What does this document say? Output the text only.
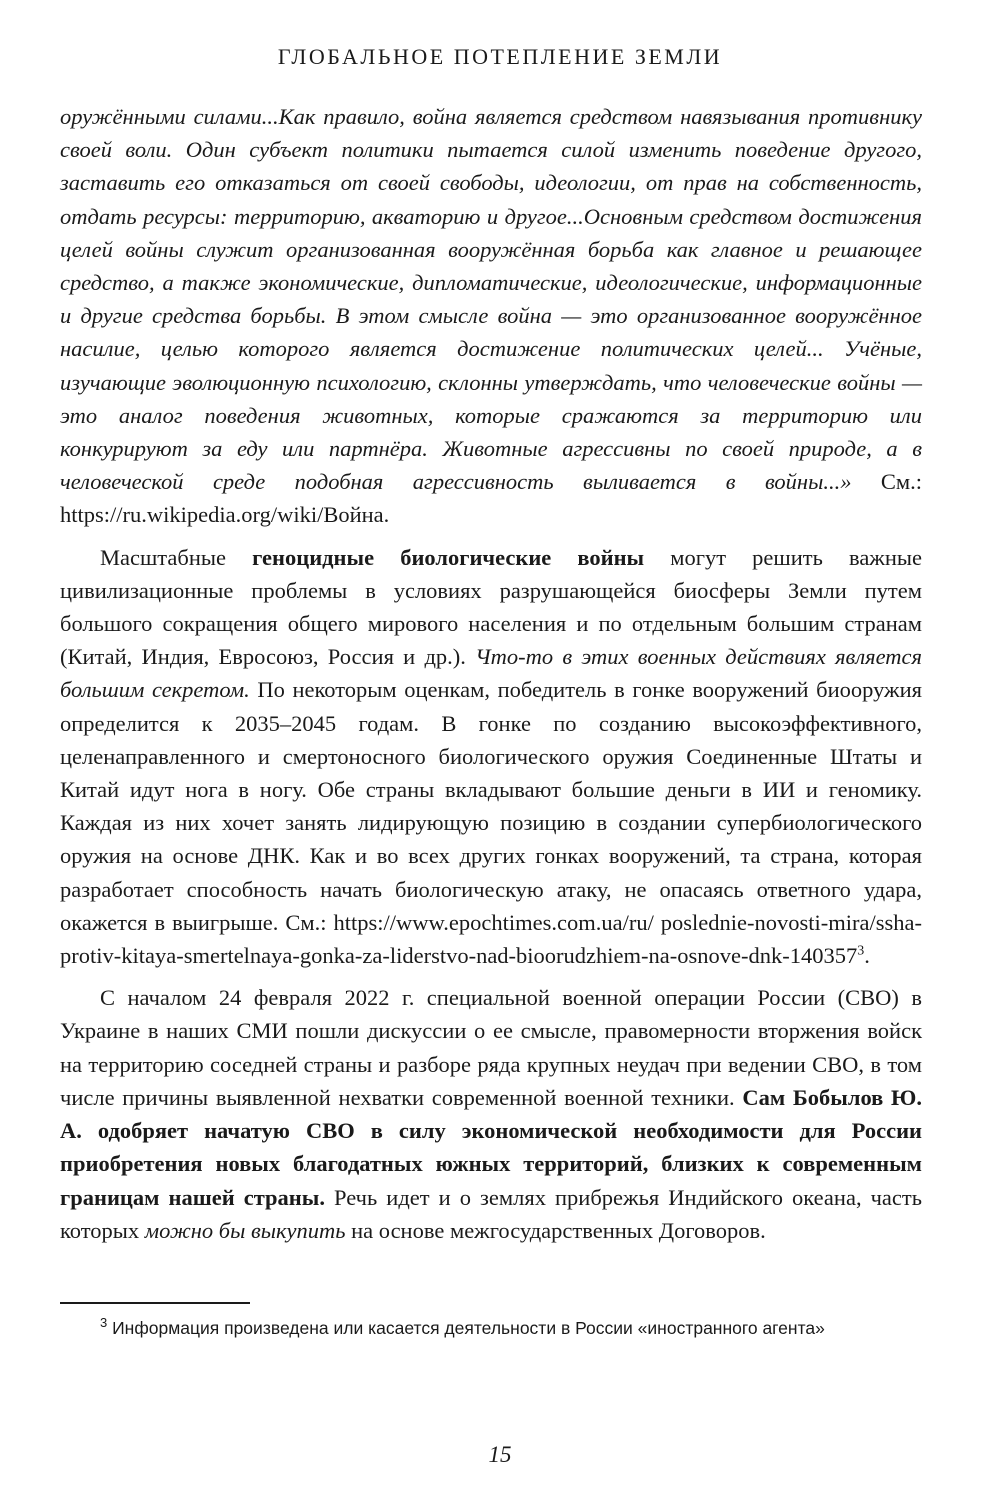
ГЛОБАЛЬНОЕ ПОТЕПЛЕНИЕ ЗЕМЛИ

оружёнными силами...Как правило, война является средством навязывания противнику своей воли. Один субъект политики пытается силой изменить поведение другого, заставить его отказаться от своей свободы, идеологии, от прав на собственность, отдать ресурсы: территорию, акваторию и другое...Основным средством достижения целей войны служит организованная вооружённая борьба как главное и решающее средство, а также экономические, дипломатические, идеологические, информационные и другие средства борьбы. В этом смысле война — это организованное вооружённое насилие, целью которого является достижение политических целей... Учёные, изучающие эволюционную психологию, склонны утверждать, что человеческие войны — это аналог поведения животных, которые сражаются за территорию или конкурируют за еду или партнёра. Животные агрессивны по своей природе, а в человеческой среде подобная агрессивность выливается в войны...» См.: https://ru.wikipedia.org/wiki/Война.

Масштабные геноцидные биологические войны могут решить важные цивилизационные проблемы в условиях разрушающейся биосферы Земли путем большого сокращения общего мирового населения и по отдельным большим странам (Китай, Индия, Евросоюз, Россия и др.). Что-то в этих военных действиях является большим секретом. По некоторым оценкам, победитель в гонке вооружений биооружия определится к 2035–2045 годам. В гонке по созданию высокоэффективного, целенаправленного и смертоносного биологического оружия Соединенные Штаты и Китай идут нога в ногу. Обе страны вкладывают большие деньги в ИИ и геномику. Каждая из них хочет занять лидирующую позицию в создании супербиологического оружия на основе ДНК. Как и во всех других гонках вооружений, та страна, которая разработает способность начать биологическую атаку, не опасаясь ответного удара, окажется в выигрыше. См.: https://www.epochtimes.com.ua/ru/ poslednie-novosti-mira/ssha-protiv-kitaya-smertelnaya-gonka-za-liderstvo-nad-bioorudzhiem-na-osnove-dnk-140357$^3$.

С началом 24 февраля 2022 г. специальной военной операции России (СВО) в Украине в наших СМИ пошли дискуссии о ее смысле, правомерности вторжения войск на территорию соседней страны и разборе ряда крупных неудач при ведении СВО, в том числе причины выявленной нехватки современной военной техники. Сам Бобылов Ю. А. одобряет начатую СВО в силу экономической необходимости для России приобретения новых благодатных южных территорий, близких к современным границам нашей страны. Речь идет и о землях прибрежья Индийского океана, часть которых можно бы выкупить на основе межгосударственных Договоров.

$^3$ Информация произведена или касается деятельности в России «иностранного агента»
15
